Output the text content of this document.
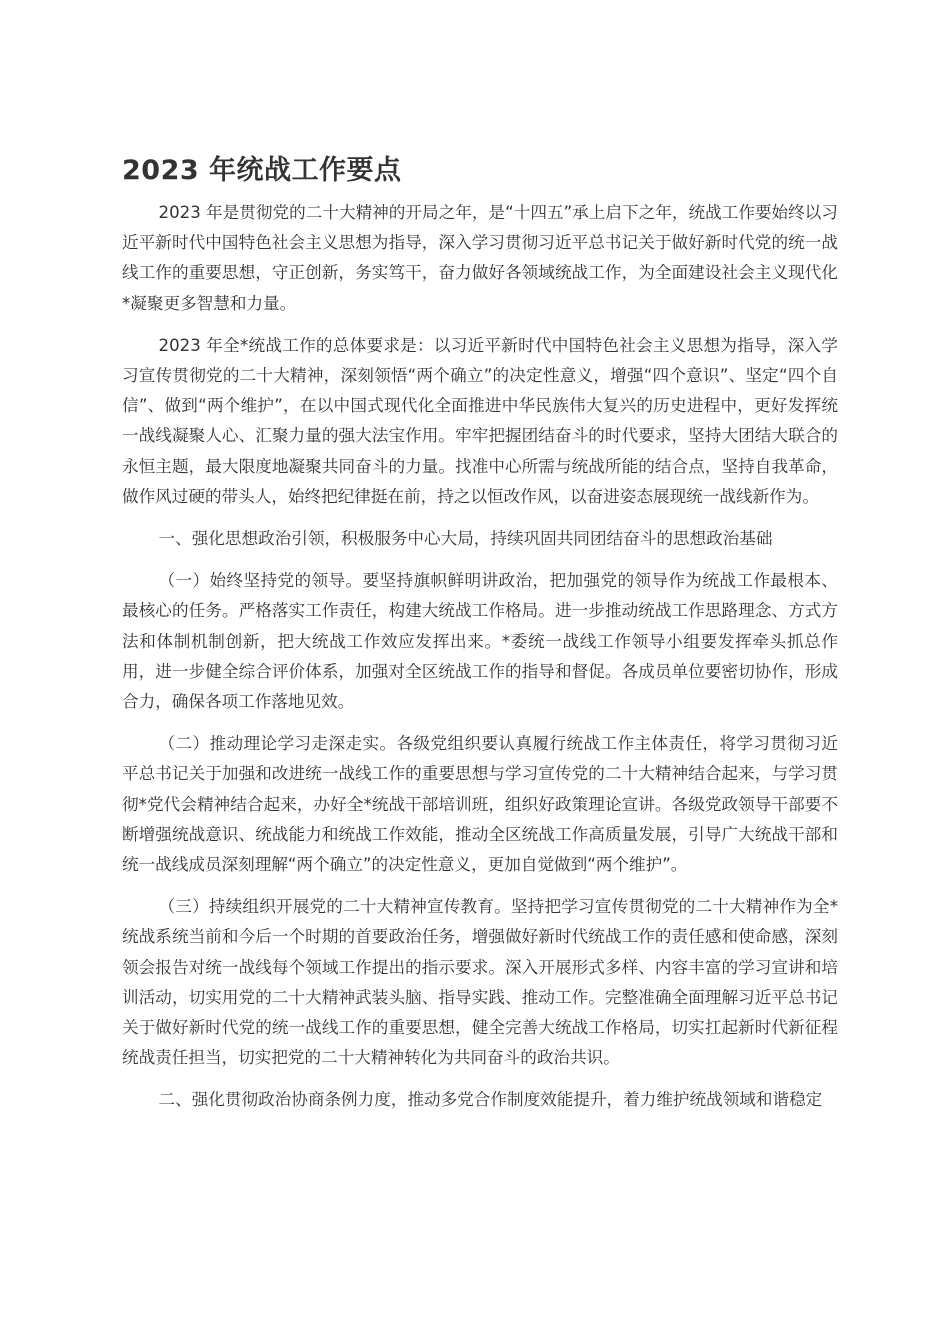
2023 年统战工作要点

2023 年是贯彻党的二十大精神的开局之年，是“十四五”承上启下之年，统战工作要始终以习近平新时代中国特色社会主义思想为指导，深入学习贯彻习近平总书记关于做好新时代党的统一战线工作的重要思想，守正创新，务实笃干，奋力做好各领域统战工作，为全面建设社会主义现代化*凝聚更多智慧和力量。

2023 年全*统战工作的总体要求是：以习近平新时代中国特色社会主义思想为指导，深入学习宣传贯彻党的二十大精神，深刻领悟“两个确立”的决定性意义，增强“四个意识”、坚定“四个自信”、做到“两个维护”，在以中国式现代化全面推进中华民族伟大复兴的历史进程中，更好发挥统一战线凝聚人心、汇聚力量的强大法宝作用。牢牢把握团结奋斗的时代要求，坚持大团结大联合的永恒主题，最大限度地凝聚共同奋斗的力量。找准中心所需与统战所能的结合点，坚持自我革命，做作风过硬的带头人，始终把纪律挺在前，持之以恒改作风，以奋进姿态展现统一战线新作为。

一、强化思想政治引领，积极服务中心大局，持续巩固共同团结奋斗的思想政治基础

（一）始终坚持党的领导。要坚持旗帜鲜明讲政治，把加强党的领导作为统战工作最根本、最核心的任务。严格落实工作责任，构建大统战工作格局。进一步推动统战工作思路理念、方式方法和体制机制创新，把大统战工作效应发挥出来。*委统一战线工作领导小组要发挥牵头抓总作用，进一步健全综合评价体系，加强对全区统战工作的指导和督促。各成员单位要密切协作，形成合力，确保各项工作落地见效。

（二）推动理论学习走深走实。各级党组织要认真履行统战工作主体责任，将学习贯彻习近平总书记关于加强和改进统一战线工作的重要思想与学习宣传党的二十大精神结合起来，与学习贯彻*党代会精神结合起来，办好全*统战干部培训班，组织好政策理论宣讲。各级党政领导干部要不断增强统战意识、统战能力和统战工作效能，推动全区统战工作高质量发展，引导广大统战干部和统一战线成员深刻理解“两个确立”的决定性意义，更加自觉做到“两个维护”。

（三）持续组织开展党的二十大精神宣传教育。坚持把学习宣传贯彻党的二十大精神作为全*统战系统当前和今后一个时期的首要政治任务，增强做好新时代统战工作的责任感和使命感，深刻领会报告对统一战线每个领域工作提出的指示要求。深入开展形式多样、内容丰富的学习宣讲和培训活动，切实用党的二十大精神武装头脑、指导实践、推动工作。完整准确全面理解习近平总书记关于做好新时代党的统一战线工作的重要思想，健全完善大统战工作格局，切实扛起新时代新征程统战责任担当，切实把党的二十大精神转化为共同奋斗的政治共识。

二、强化贯彻政治协商条例力度，推动多党合作制度效能提升，着力维护统战领域和谐稳定
